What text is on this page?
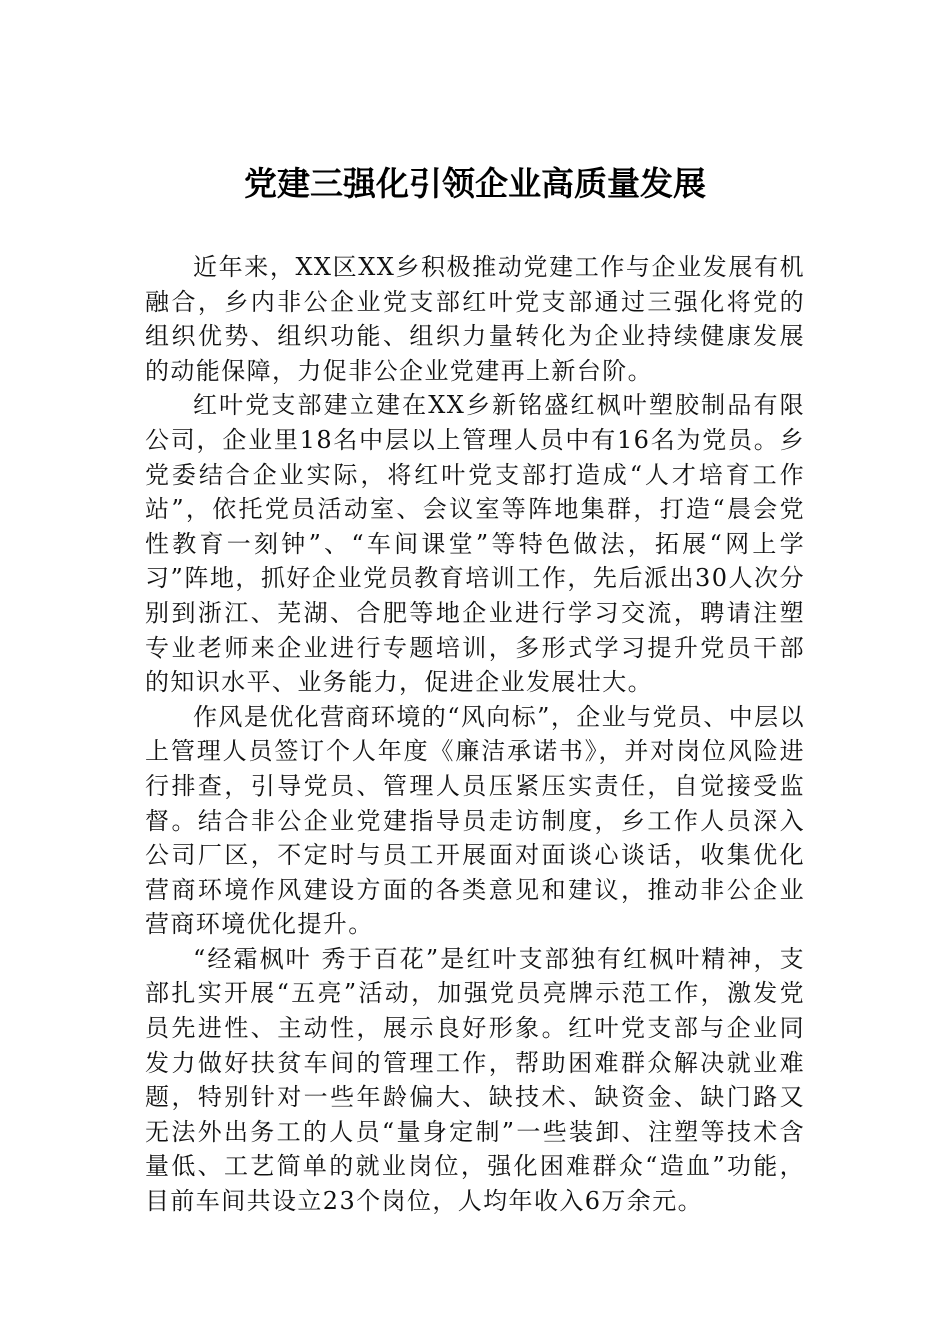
党建三强化引领企业高质量发展

近年来，XX区XX乡积极推动党建工作与企业发展有机融合，乡内非公企业党支部红叶党支部通过三强化将党的组织优势、组织功能、组织力量转化为企业持续健康发展的动能保障，力促非公企业党建再上新台阶。

红叶党支部建立建在XX乡新铭盛红枫叶塑胶制品有限公司，企业里18名中层以上管理人员中有16名为党员。乡党委结合企业实际，将红叶党支部打造成“人才培育工作站”，依托党员活动室、会议室等阵地集群，打造“晨会党性教育一刻钟”、“车间课堂”等特色做法，拓展“网上学习”阵地，抓好企业党员教育培训工作，先后派出30人次分别到浙江、芜湖、合肥等地企业进行学习交流，聘请注塑专业老师来企业进行专题培训，多形式学习提升党员干部的知识水平、业务能力，促进企业发展壮大。

作风是优化营商环境的“风向标”，企业与党员、中层以上管理人员签订个人年度《廉洁承诺书》，并对岗位风险进行排查，引导党员、管理人员压紧压实责任，自觉接受监督。结合非公企业党建指导员走访制度，乡工作人员深入公司厂区，不定时与员工开展面对面谈心谈话，收集优化营商环境作风建设方面的各类意见和建议，推动非公企业营商环境优化提升。

“经霜枫叶 秀于百花”是红叶支部独有红枫叶精神，支部扎实开展“五亮”活动，加强党员亮牌示范工作，激发党员先进性、主动性，展示良好形象。红叶党支部与企业同发力做好扶贫车间的管理工作，帮助困难群众解决就业难题，特别针对一些年龄偏大、缺技术、缺资金、缺门路又无法外出务工的人员“量身定制”一些装卸、注塑等技术含量低、工艺简单的就业岗位，强化困难群众“造血”功能，目前车间共设立23个岗位，人均年收入6万余元。
